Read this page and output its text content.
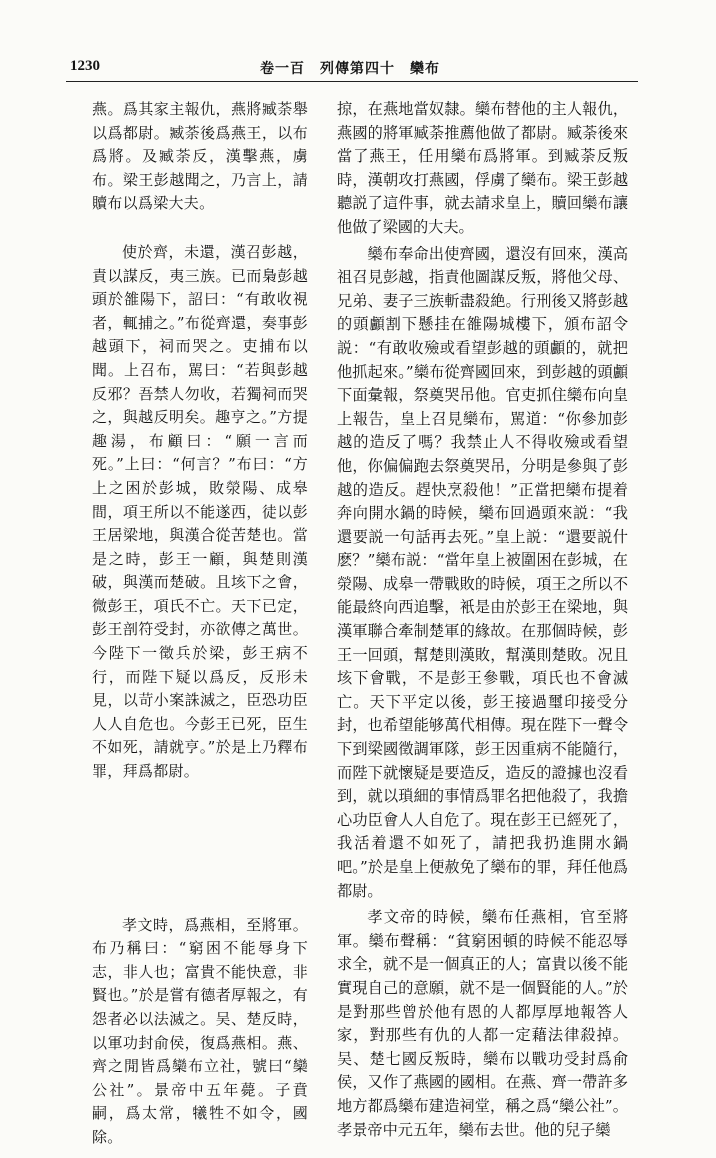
1230	卷一百　列傳第四十　欒布

燕。爲其家主報仇，燕將臧荼舉以爲都尉。臧荼後爲燕王，以布爲將。及臧荼反，漢擊燕，虜布。梁王彭越聞之，乃言上，請贖布以爲梁大夫。

使於齊，未還，漢召彭越，責以謀反，夷三族。已而梟彭越頭於雒陽下，詔曰：“有敢收視者，輒捕之。”布從齊還，奏事彭越頭下，祠而哭之。吏捕布以聞。上召布，駡曰：“若與彭越反邪？吾禁人勿收，若獨祠而哭之，與越反明矣。趣亨之。”方提趣湯，布顧曰：“願一言而死。”上曰：“何言？”布曰：“方上之困於彭城，敗滎陽、成皋間，項王所以不能遂西，徒以彭王居梁地，與漢合從苦楚也。當是之時，彭王一顧，與楚則漢破，與漢而楚破。且垓下之會，微彭王，項氏不亡。天下已定，彭王剖符受封，亦欲傳之萬世。今陛下一徵兵於梁，彭王病不行，而陛下疑以爲反，反形未見，以苛小案誅滅之，臣恐功臣人人自危也。今彭王已死，臣生不如死，請就亨。”於是上乃釋布罪，拜爲都尉。

孝文時，爲燕相，至將軍。布乃稱曰：“窮困不能辱身下志，非人也；富貴不能快意，非賢也。”於是嘗有德者厚報之，有怨者必以法滅之。吴、楚反時，以軍功封俞侯，復爲燕相。燕、齊之閒皆爲欒布立社，號曰“欒公社”。景帝中五年薨。子賁嗣，爲太常，犧牲不如令，國除。

掠，在燕地當奴隸。欒布替他的主人報仇，燕國的將軍臧荼推薦他做了都尉。臧荼後來當了燕王，任用欒布爲將軍。到臧荼反叛時，漢朝攻打燕國，俘虜了欒布。梁王彭越聽説了這件事，就去請求皇上，贖回欒布讓他做了梁國的大夫。

欒布奉命出使齊國，還沒有回來，漢高祖召見彭越，指責他圖謀反叛，將他父母、兄弟、妻子三族斬盡殺絶。行刑後又將彭越的頭顱割下懸挂在雒陽城樓下，頒布詔令説：“有敢收殮或看望彭越的頭顱的，就把他抓起來。”欒布從齊國回來，到彭越的頭顱下面彙報，祭奠哭吊他。官吏抓住欒布向皇上報告，皇上召見欒布，駡道：“你參加彭越的造反了嗎？我禁止人不得收殮或看望他，你偏偏跑去祭奠哭吊，分明是參與了彭越的造反。趕快烹殺他！”正當把欒布提着奔向開水鍋的時候，欒布回過頭來説：“我還要説一句話再去死。”皇上説：“還要説什麽？”欒布説：“當年皇上被圍困在彭城，在滎陽、成皋一帶戰敗的時候，項王之所以不能最終向西追擊，衹是由於彭王在梁地，與漢軍聯合牽制楚軍的緣故。在那個時候，彭王一回頭，幫楚則漢敗，幫漢則楚敗。况且垓下會戰，不是彭王參戰，項氏也不會滅亡。天下平定以後，彭王接過璽印接受分封，也希望能够萬代相傳。現在陛下一聲令下到梁國徵調軍隊，彭王因重病不能隨行，而陛下就懷疑是要造反，造反的證據也沒看到，就以瑣細的事情爲罪名把他殺了，我擔心功臣會人人自危了。現在彭王已經死了，我活着還不如死了，請把我扔進開水鍋吧。”於是皇上便赦免了欒布的罪，拜任他爲都尉。

孝文帝的時候，欒布任燕相，官至將軍。欒布聲稱：“貧窮困頓的時候不能忍辱求全，就不是一個真正的人；富貴以後不能實現自己的意願，就不是一個賢能的人。”於是對那些曾於他有恩的人都厚厚地報答人家，對那些有仇的人都一定藉法律殺掉。吴、楚七國反叛時，欒布以戰功受封爲俞侯，又作了燕國的國相。在燕、齊一帶許多地方都爲欒布建造祠堂，稱之爲“欒公社”。孝景帝中元五年，欒布去世。他的兒子欒
